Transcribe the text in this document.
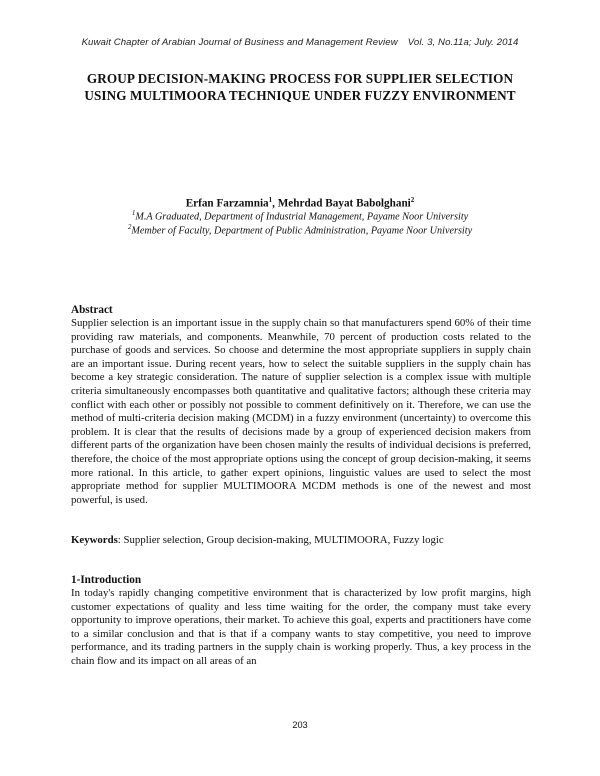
Kuwait Chapter of Arabian Journal of Business and Management Review Vol. 3, No.11a; July. 2014
GROUP DECISION-MAKING PROCESS FOR SUPPLIER SELECTION
USING MULTIMOORA TECHNIQUE UNDER FUZZY ENVIRONMENT
Erfan Farzamnia$^1$, Mehrdad Bayat Babolghani$^2$
$^1$M.A Graduated, Department of Industrial Management, Payame Noor University
$^2$Member of Faculty, Department of Public Administration, Payame Noor University
Abstract
Supplier selection is an important issue in the supply chain so that manufacturers spend 60% of their time providing raw materials, and components. Meanwhile, 70 percent of production costs related to the purchase of goods and services. So choose and determine the most appropriate suppliers in supply chain are an important issue. During recent years, how to select the suitable suppliers in the supply chain has become a key strategic consideration. The nature of supplier selection is a complex issue with multiple criteria simultaneously encompasses both quantitative and qualitative factors; although these criteria may conflict with each other or possibly not possible to comment definitively on it. Therefore, we can use the method of multi-criteria decision making (MCDM) in a fuzzy environment (uncertainty) to overcome this problem. It is clear that the results of decisions made by a group of experienced decision makers from different parts of the organization have been chosen mainly the results of individual decisions is preferred, therefore, the choice of the most appropriate options using the concept of group decision-making, it seems more rational. In this article, to gather expert opinions, linguistic values are used to select the most appropriate method for supplier MULTIMOORA MCDM methods is one of the newest and most powerful, is used.
Keywords: Supplier selection, Group decision-making, MULTIMOORA, Fuzzy logic
1-Introduction
In today's rapidly changing competitive environment that is characterized by low profit margins, high customer expectations of quality and less time waiting for the order, the company must take every opportunity to improve operations, their market. To achieve this goal, experts and practitioners have come to a similar conclusion and that is that if a company wants to stay competitive, you need to improve performance, and its trading partners in the supply chain is working properly. Thus, a key process in the chain flow and its impact on all areas of an
203
